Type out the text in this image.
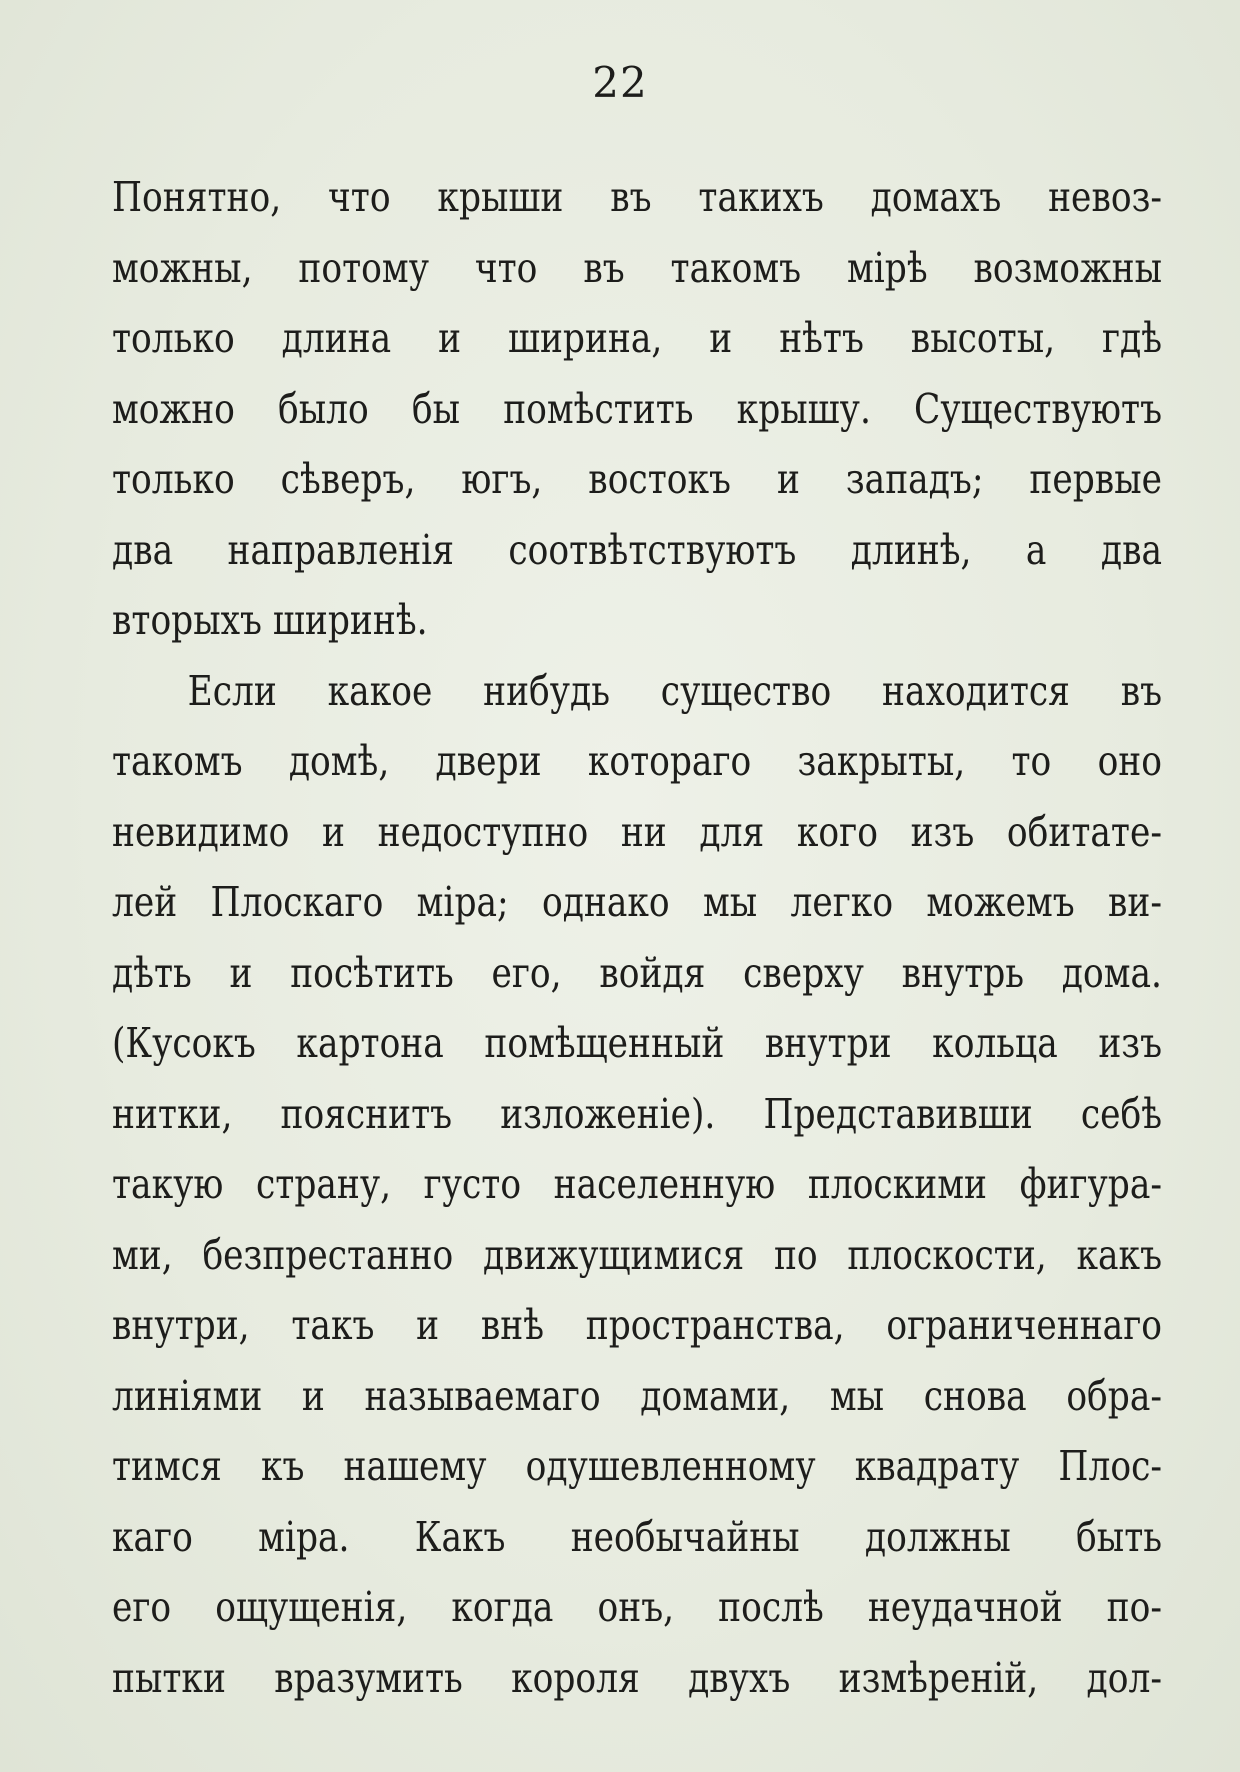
22
Понятно, что крыши въ такихъ домахъ невоз-
можны, потому что въ такомъ мірѣ возможны
только длина и ширина, и нѣтъ высоты, гдѣ
можно было бы помѣстить крышу. Существуютъ
только сѣверъ, югъ, востокъ и западъ; первые
два направленія соотвѣтствуютъ длинѣ, а два
вторыхъ ширинѣ.
Если какое нибудь существо находится въ
такомъ домѣ, двери котораго закрыты, то оно
невидимо и недоступно ни для кого изъ обитате-
лей Плоскаго міра; однако мы легко можемъ ви-
дѣть и посѣтить его, войдя сверху внутрь дома.
(Кусокъ картона помѣщенный внутри кольца изъ
нитки, пояснитъ изложеніе). Представивши себѣ
такую страну, густо населенную плоскими фигура-
ми, безпрестанно движущимися по плоскости, какъ
внутри, такъ и внѣ пространства, ограниченнаго
линіями и называемаго домами, мы снова обра-
тимся къ нашему одушевленному квадрату Плос-
каго міра. Какъ необычайны должны быть
его ощущенія, когда онъ, послѣ неудачной по-
пытки вразумить короля двухъ измѣреній, дол-
